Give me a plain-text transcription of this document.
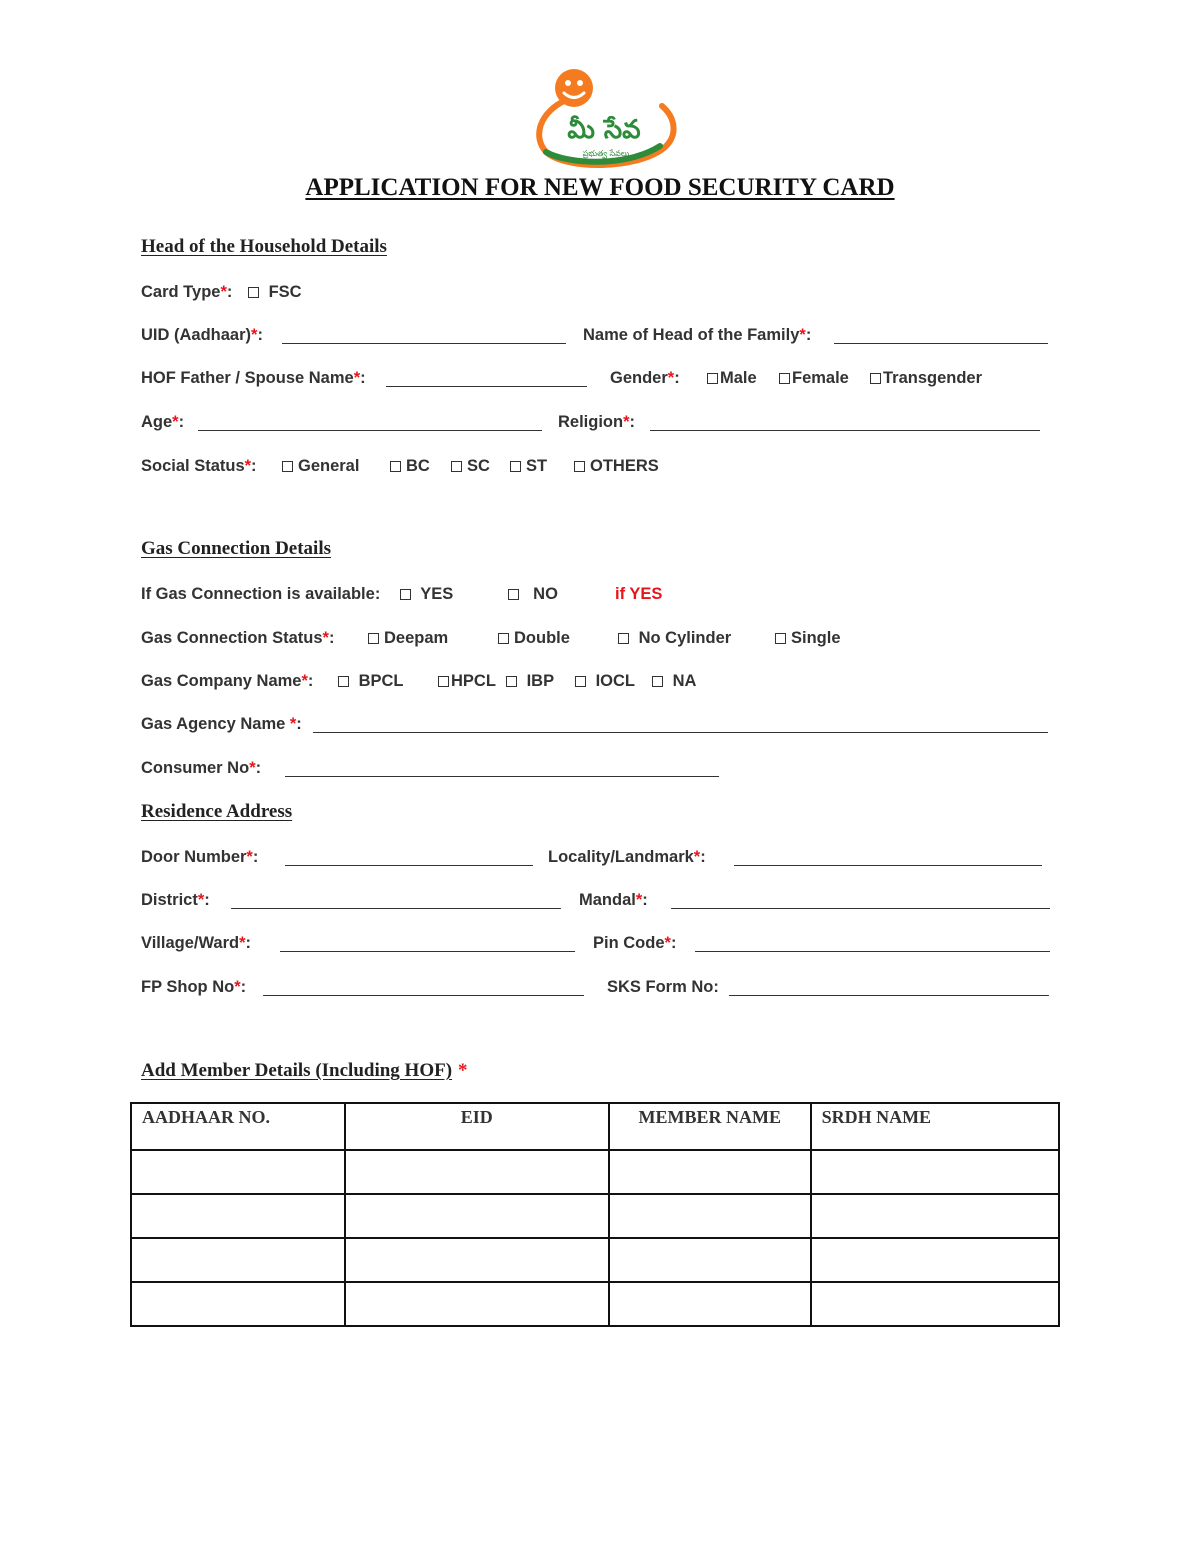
మీ సేవ
ప్రభుత్వ సేవలు
APPLICATION FOR NEW FOOD SECURITY CARD
Head of the Household Details
Card Type*:	FSC
UID (Aadhaar)*:	Name of Head of the Family*:
HOF Father / Spouse Name*:	Gender*:	Male	Female	Transgender
Age*:	Religion*:
Social Status*:	General	BC	SC	ST	OTHERS
Gas Connection Details
If Gas Connection is available:	YES	NO	if YES
Gas Connection Status*:	Deepam	Double	No Cylinder	Single
Gas Company Name*:	BPCL	HPCL	IBP	IOCL	NA
Gas Agency Name *:
Consumer No*:
Residence Address
Door Number*:	Locality/Landmark*:
District*:	Mandal*:
Village/Ward*:	Pin Code*:
FP Shop No*:	SKS Form No:
Add Member Details (Including HOF) *
AADHAAR NO.	EID	MEMBER NAME	SRDH NAME
